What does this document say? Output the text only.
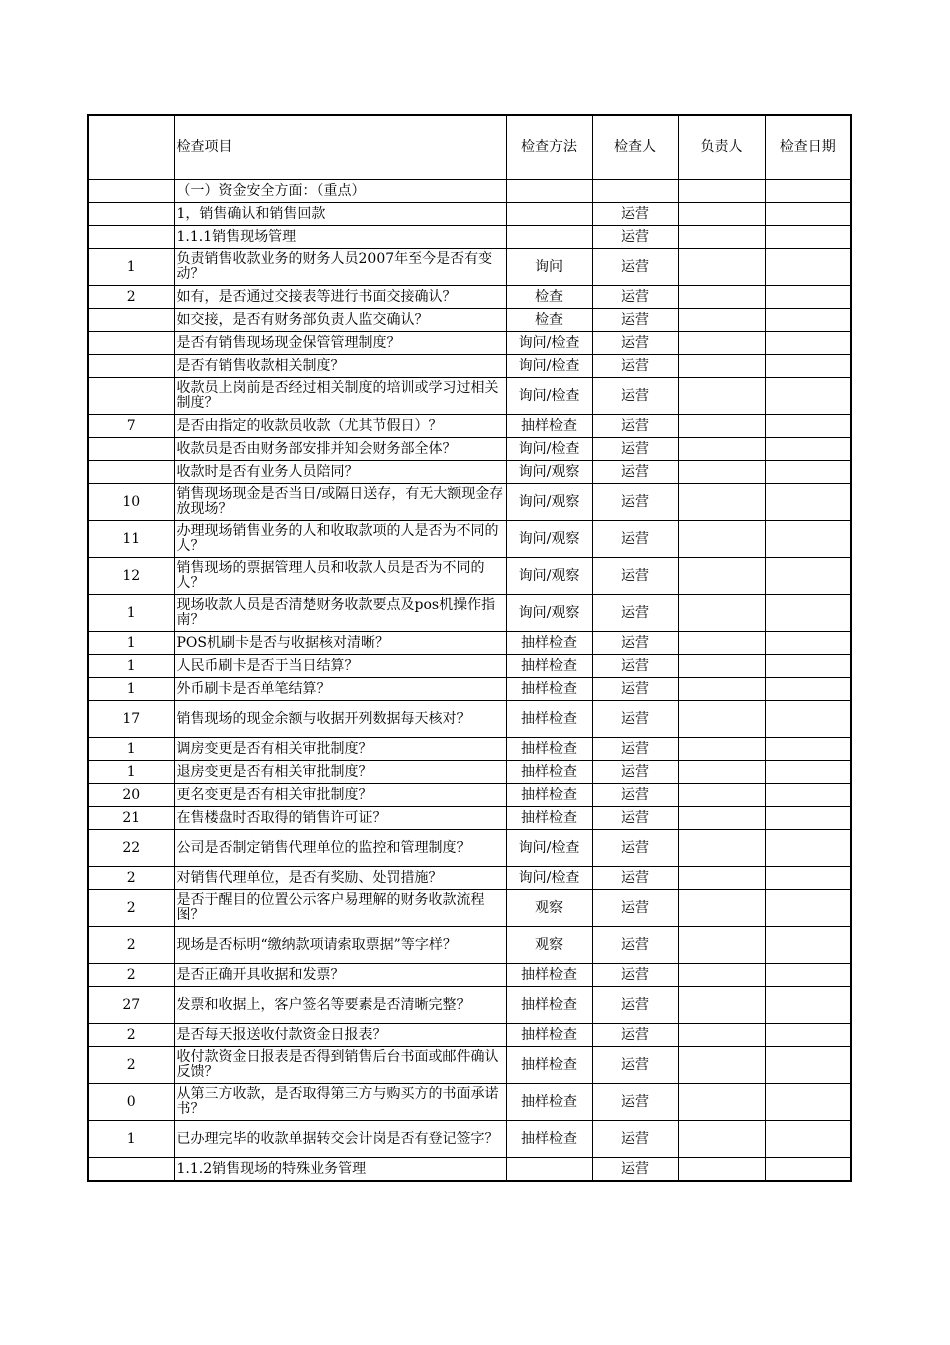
	检查项目	检查方法	检查人	负责人	检查日期
	（一）资金安全方面：（重点）				
	1，销售确认和销售回款		运营		
	1.1.1销售现场管理		运营		
1	负责销售收款业务的财务人员2007年至今是否有变动？	询问	运营		
2	如有，是否通过交接表等进行书面交接确认？	检查	运营		
	如交接，是否有财务部负责人监交确认？	检查	运营		
	是否有销售现场现金保管管理制度？	询问/检查	运营		
	是否有销售收款相关制度？	询问/检查	运营		
	收款员上岗前是否经过相关制度的培训或学习过相关制度？	询问/检查	运营		
7	是否由指定的收款员收款（尤其节假日）？	抽样检查	运营		
	收款员是否由财务部安排并知会财务部全体？	询问/检查	运营		
	收款时是否有业务人员陪同？	询问/观察	运营		
10	销售现场现金是否当日/或隔日送存，有无大额现金存放现场？	询问/观察	运营		
11	办理现场销售业务的人和收取款项的人是否为不同的人？	询问/观察	运营		
12	销售现场的票据管理人员和收款人员是否为不同的人？	询问/观察	运营		
1	现场收款人员是否清楚财务收款要点及pos机操作指南？	询问/观察	运营		
1	POS机刷卡是否与收据核对清晰？	抽样检查	运营		
1	人民币刷卡是否于当日结算？	抽样检查	运营		
1	外币刷卡是否单笔结算？	抽样检查	运营		
17	销售现场的现金余额与收据开列数据每天核对？	抽样检查	运营		
1	调房变更是否有相关审批制度？	抽样检查	运营		
1	退房变更是否有相关审批制度？	抽样检查	运营		
20	更名变更是否有相关审批制度？	抽样检查	运营		
21	在售楼盘时否取得的销售许可证？	抽样检查	运营		
22	公司是否制定销售代理单位的监控和管理制度？	询问/检查	运营		
2	对销售代理单位，是否有奖励、处罚措施？	询问/检查	运营		
2	是否于醒目的位置公示客户易理解的财务收款流程图？	观察	运营		
2	现场是否标明“缴纳款项请索取票据”等字样？	观察	运营		
2	是否正确开具收据和发票？	抽样检查	运营		
27	发票和收据上，客户签名等要素是否清晰完整？	抽样检查	运营		
2	是否每天报送收付款资金日报表？	抽样检查	运营		
2	收付款资金日报表是否得到销售后台书面或邮件确认反馈？	抽样检查	运营		
0	从第三方收款，是否取得第三方与购买方的书面承诺书？	抽样检查	运营		
1	已办理完毕的收款单据转交会计岗是否有登记签字？	抽样检查	运营		
	1.1.2销售现场的特殊业务管理		运营		
